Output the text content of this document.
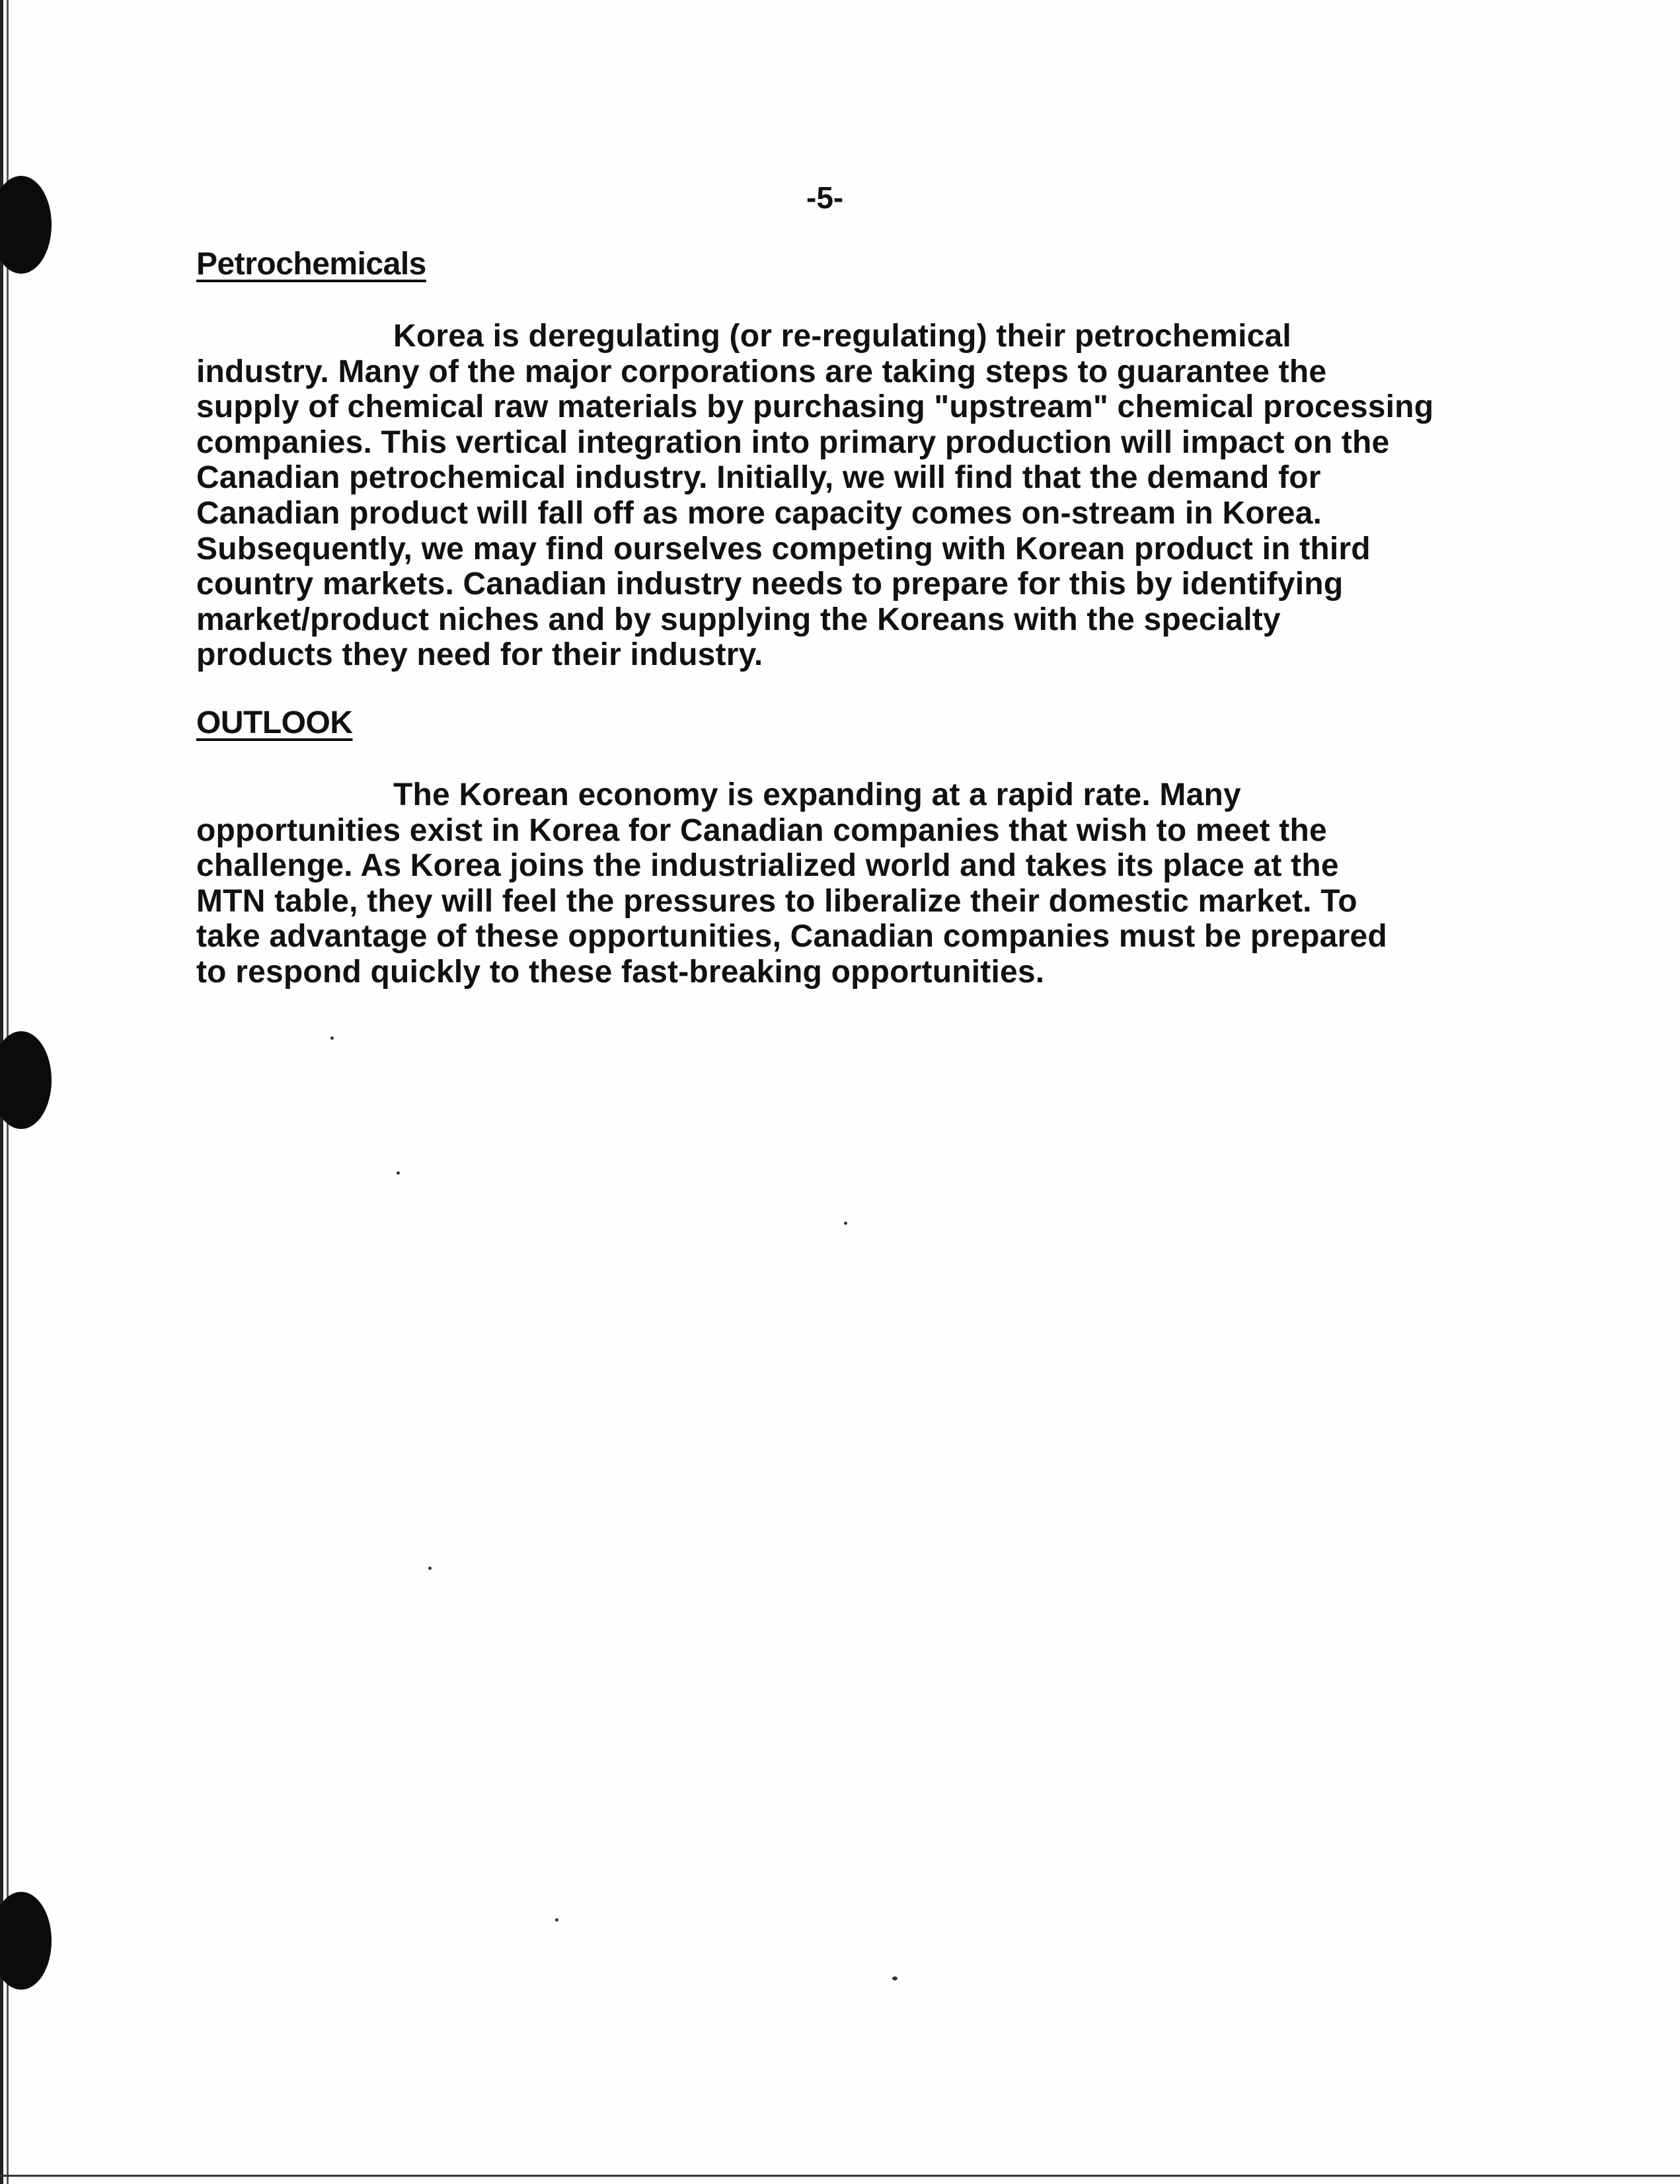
-5-

Petrochemicals
Korea is deregulating (or re-regulating) their petrochemical
industry. Many of the major corporations are taking steps to guarantee the
supply of chemical raw materials by purchasing "upstream" chemical processing
companies. This vertical integration into primary production will impact on the
Canadian petrochemical industry. Initially, we will find that the demand for
Canadian product will fall off as more capacity comes on-stream in Korea.
Subsequently, we may find ourselves competing with Korean product in third
country markets. Canadian industry needs to prepare for this by identifying
market/product niches and by supplying the Koreans with the specialty
products they need for their industry.
OUTLOOK
The Korean economy is expanding at a rapid rate. Many
opportunities exist in Korea for Canadian companies that wish to meet the
challenge. As Korea joins the industrialized world and takes its place at the
MTN table, they will feel the pressures to liberalize their domestic market. To
take advantage of these opportunities, Canadian companies must be prepared
to respond quickly to these fast-breaking opportunities.
